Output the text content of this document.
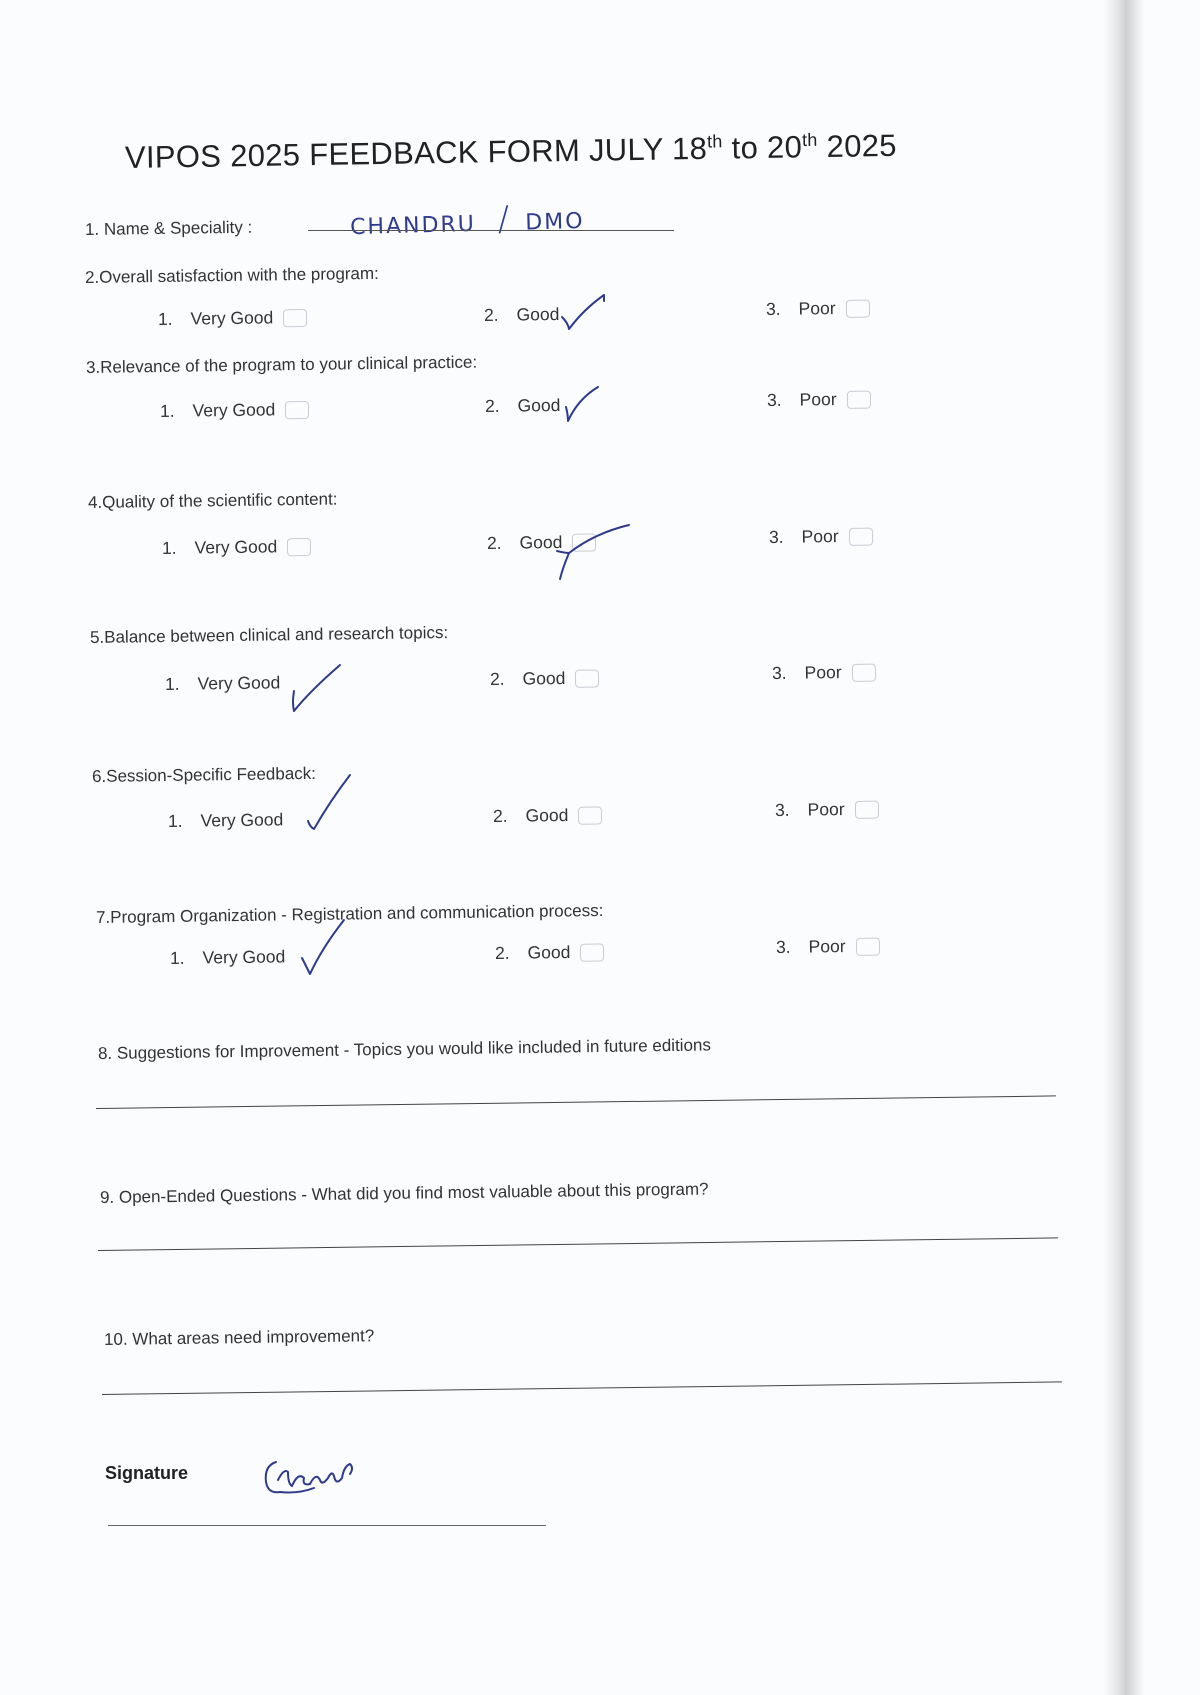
VIPOS 2025 FEEDBACK FORM JULY 18th to 20th 2025
1. Name & Speciality :	CHANDRU / DMO
2.Overall satisfaction with the program:
1. Very Good	2. Good	3. Poor
3.Relevance of the program to your clinical practice:
1. Very Good	2. Good	3. Poor
4.Quality of the scientific content:
1. Very Good	2. Good	3. Poor
5.Balance between clinical and research topics:
1. Very Good	2. Good	3. Poor
6.Session-Specific Feedback:
1. Very Good	2. Good	3. Poor
7.Program Organization - Registration and communication process:
1. Very Good	2. Good	3. Poor
8. Suggestions for Improvement - Topics you would like included in future editions
9. Open-Ended Questions - What did you find most valuable about this program?
10. What areas need improvement?
Signature
